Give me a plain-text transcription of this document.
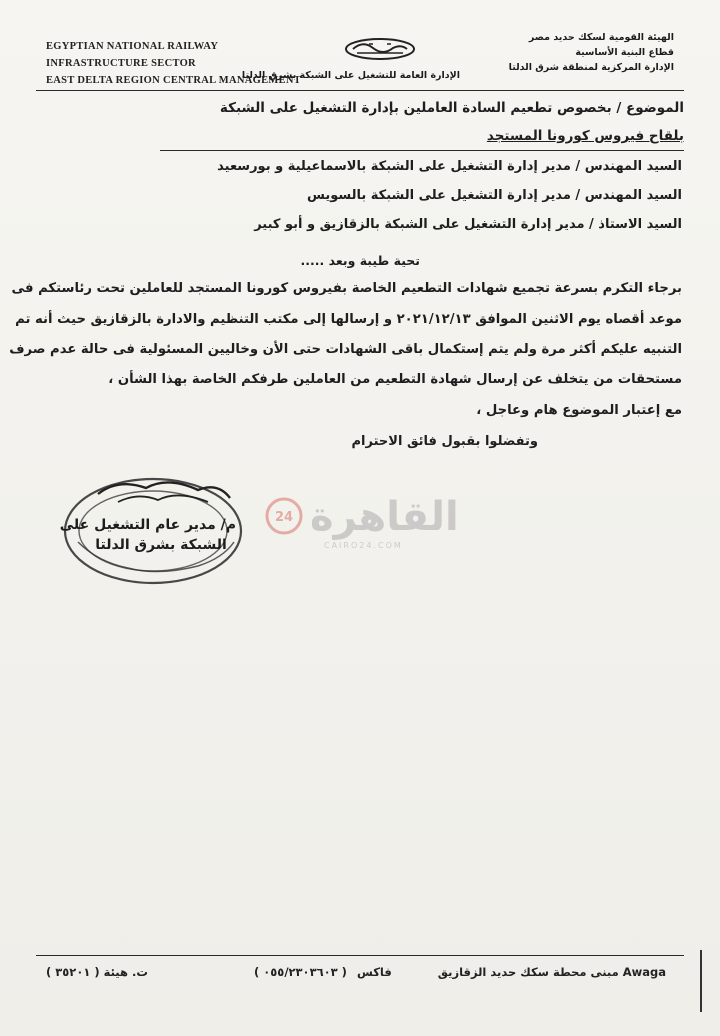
EGYPTIAN NATIONAL RAILWAY
INFRASTRUCTURE SECTOR
EAST DELTA REGION CENTRAL MANAGEMENT
الإدارة العامة للتشغيل على الشبكة بشرق الدلتا
الهيئة القومية لسكك حديد مصر
قطاع البنية الأساسية
الإدارة المركزية لمنطقة شرق الدلتا
الموضوع / بخصوص تطعيم السادة العاملين بإدارة التشغيل على الشبكة
بلقاح فيروس كورونا المستجد
السيد المهندس / مدير إدارة التشغيل على الشبكة بالاسماعيلية و بورسعيد
السيد المهندس / مدير إدارة التشغيل على الشبكة بالسويس
السيد الاستاذ / مدير إدارة التشغيل على الشبكة بالزقازيق و أبو كبير
تحية طيبة وبعد .....
برجاء التكرم بسرعة تجميع شهادات التطعيم الخاصة بفيروس كورونا المستجد للعاملين تحت رئاستكم فى
موعد أقصاه يوم الاثنين الموافق ٢٠٢١/١٢/١٣ و إرسالها إلى مكتب التنظيم والادارة بالزقازيق حيث أنه تم
التنبيه عليكم أكثر مرة ولم يتم إستكمال باقى الشهادات حتى الأن وخاليين المسئولية فى حالة عدم صرف
مستحقات من يتخلف عن إرسال شهادة التطعيم من العاملين طرفكم الخاصة بهذا الشأن ،
مع إعتبار الموضوع هام وعاجل ،
وتفضلوا بقبول فائق الاحترام
م/ مدير عام التشغيل على
الشبكة بشرق الدلتا
24 القاهرة
CAIRO24.COM
Awaga مبنى محطة سكك حديد الزقازيق
( ٠٥٥/٢٣٠٣٦٠٣ ) فاكس
ت. هيئة ( ٣٥٢٠١ )
